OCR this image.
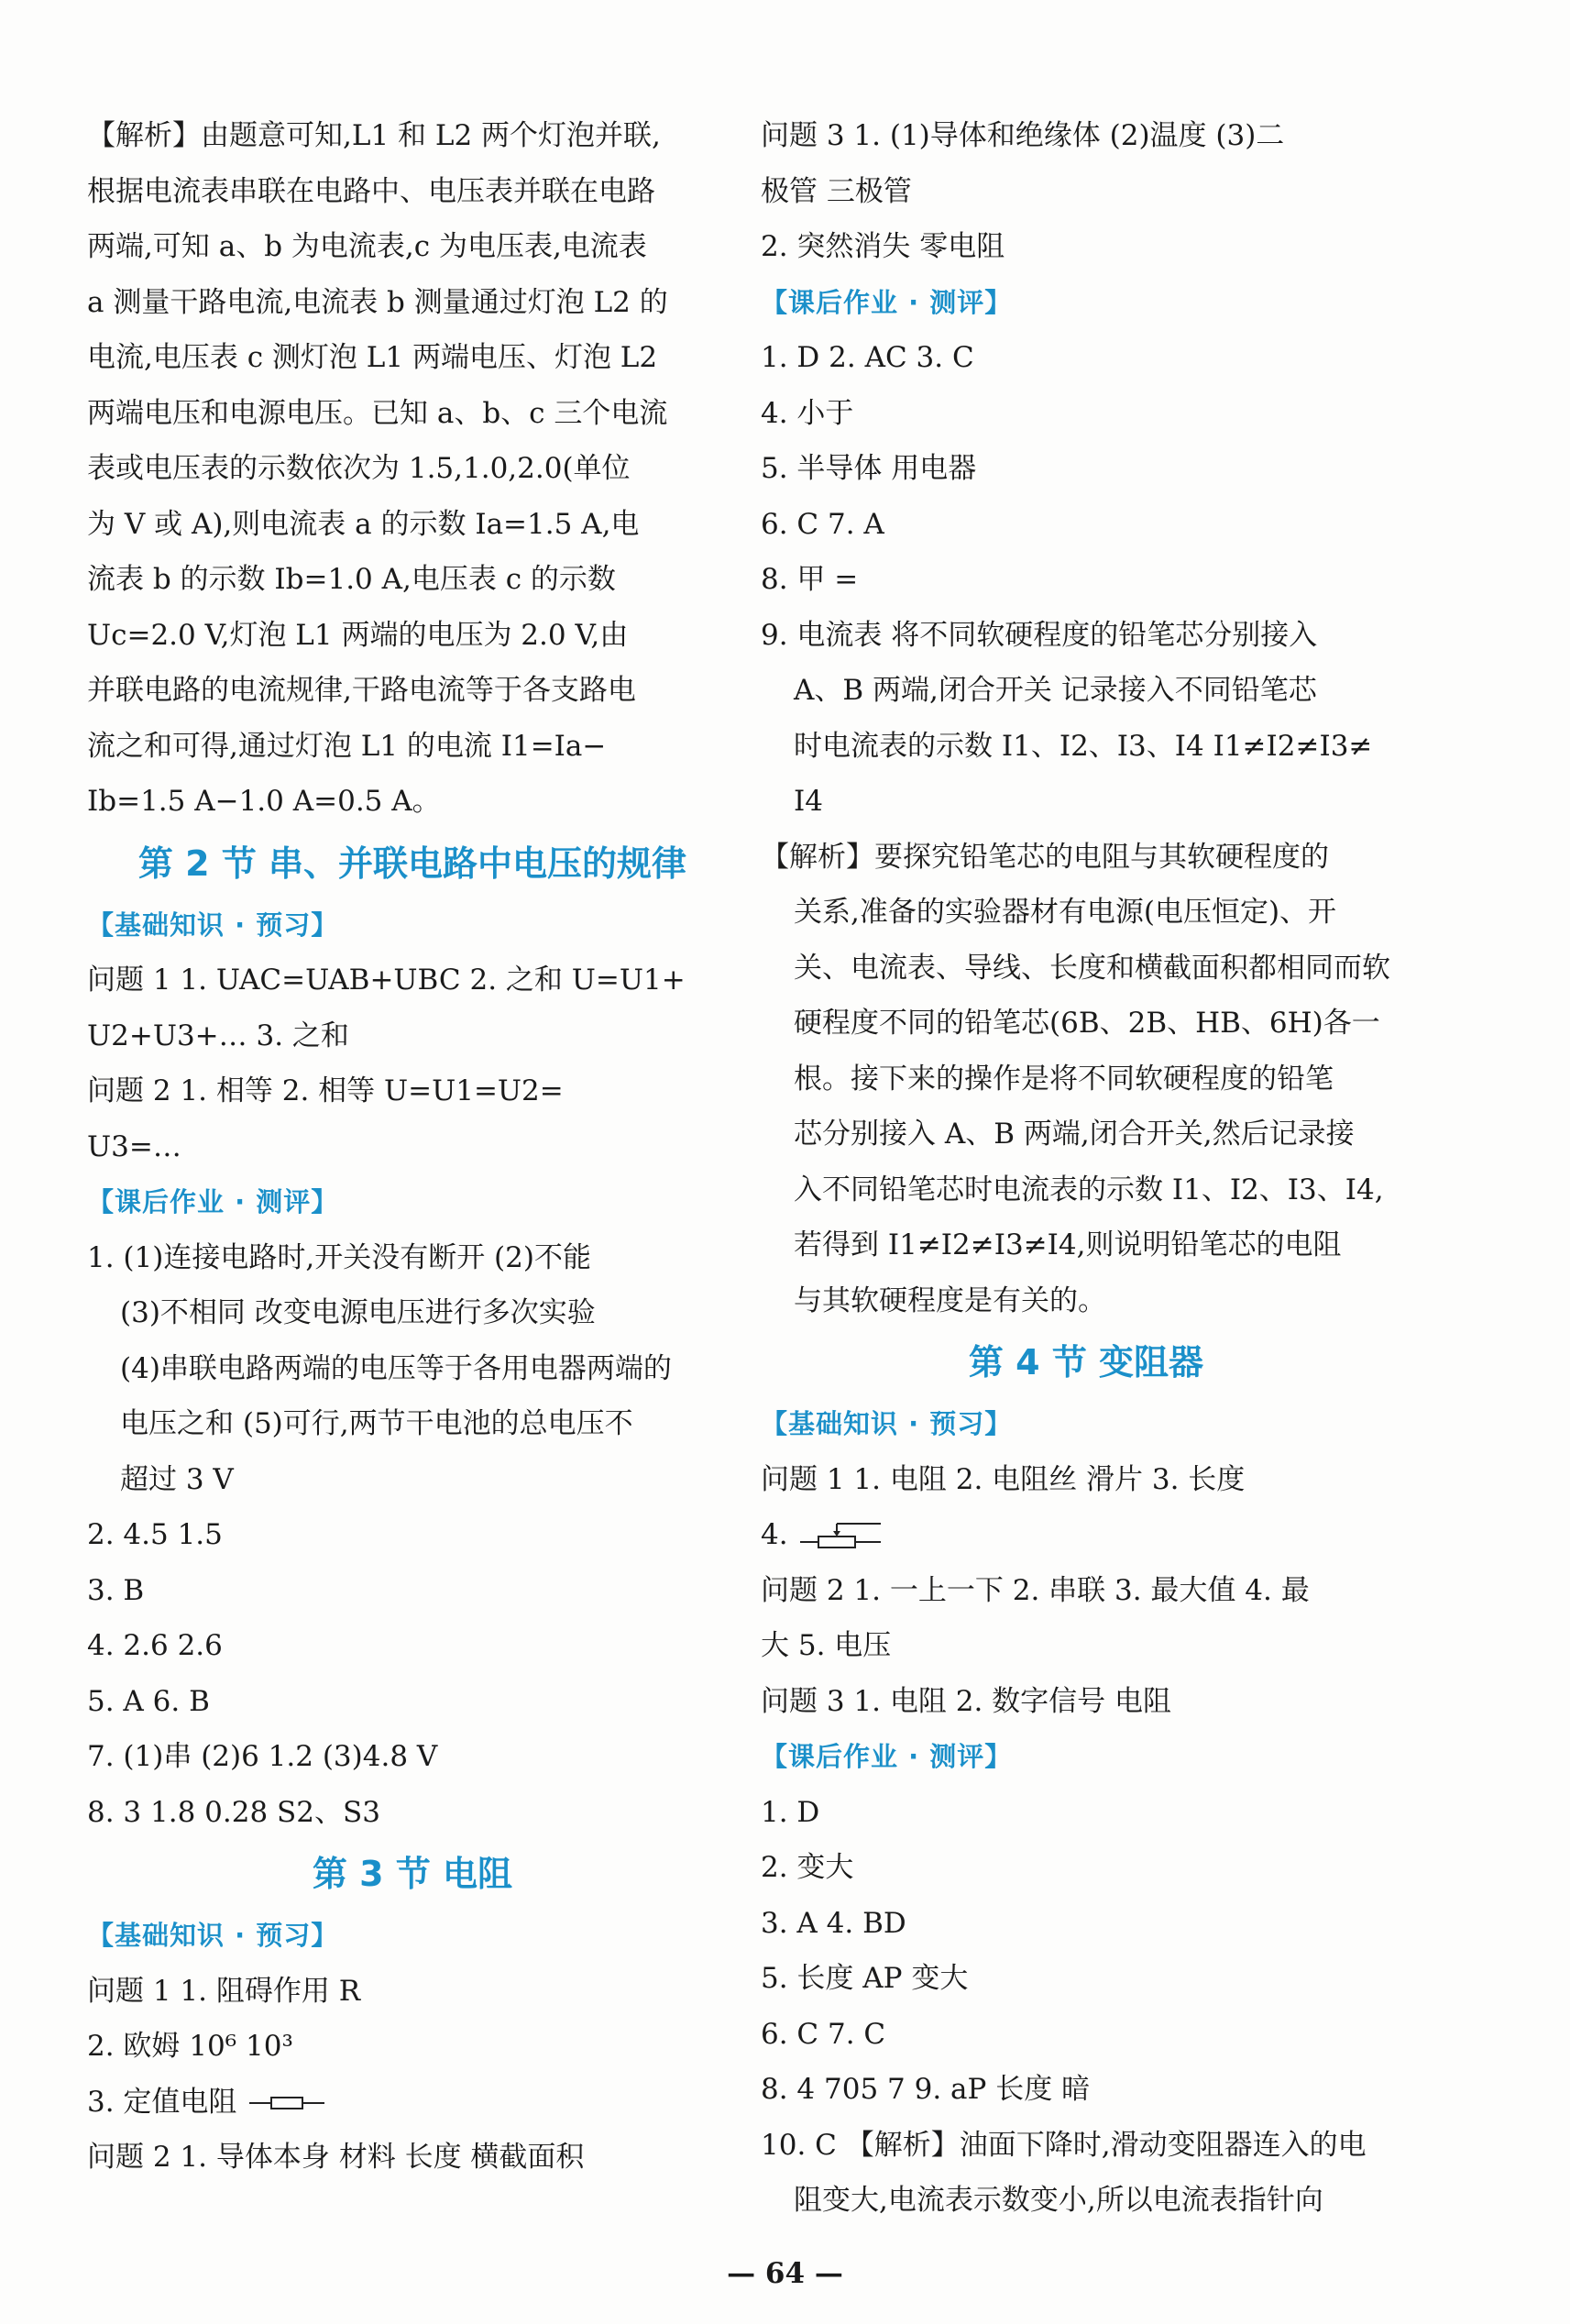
【解析】由题意可知,L1 和 L2 两个灯泡并联,
根据电流表串联在电路中、电压表并联在电路
两端,可知 a、b 为电流表,c 为电压表,电流表
a 测量干路电流,电流表 b 测量通过灯泡 L2 的
电流,电压表 c 测灯泡 L1 两端电压、灯泡 L2
两端电压和电源电压。已知 a、b、c 三个电流
表或电压表的示数依次为 1.5,1.0,2.0(单位
为 V 或 A),则电流表 a 的示数 Ia=1.5 A,电
流表 b 的示数 Ib=1.0 A,电压表 c 的示数
Uc=2.0 V,灯泡 L1 两端的电压为 2.0 V,由
并联电路的电流规律,干路电流等于各支路电
流之和可得,通过灯泡 L1 的电流 I1=Ia−
Ib=1.5 A−1.0 A=0.5 A。
第 2 节 串、并联电路中电压的规律
【基础知识 · 预习】
问题 1 1. UAC=UAB+UBC 2. 之和 U=U1+
U2+U3+… 3. 之和
问题 2 1. 相等 2. 相等 U=U1=U2=
U3=…
【课后作业 · 测评】
1. (1)连接电路时,开关没有断开 (2)不能
(3)不相同 改变电源电压进行多次实验
(4)串联电路两端的电压等于各用电器两端的
电压之和 (5)可行,两节干电池的总电压不
超过 3 V
2. 4.5 1.5
3. B
4. 2.6 2.6
5. A 6. B
7. (1)串 (2)6 1.2 (3)4.8 V
8. 3 1.8 0.28 S2、S3
第 3 节 电阻
【基础知识 · 预习】
问题 1 1. 阻碍作用 R
2. 欧姆 10⁶ 10³
3. 定值电阻
问题 2 1. 导体本身 材料 长度 横截面积
问题 3 1. (1)导体和绝缘体 (2)温度 (3)二
极管 三极管
2. 突然消失 零电阻
【课后作业 · 测评】
1. D 2. AC 3. C
4. 小于
5. 半导体 用电器
6. C 7. A
8. 甲 =
9. 电流表 将不同软硬程度的铅笔芯分别接入
A、B 两端,闭合开关 记录接入不同铅笔芯
时电流表的示数 I1、I2、I3、I4 I1≠I2≠I3≠
I4
【解析】要探究铅笔芯的电阻与其软硬程度的
关系,准备的实验器材有电源(电压恒定)、开
关、电流表、导线、长度和横截面积都相同而软
硬程度不同的铅笔芯(6B、2B、HB、6H)各一
根。接下来的操作是将不同软硬程度的铅笔
芯分别接入 A、B 两端,闭合开关,然后记录接
入不同铅笔芯时电流表的示数 I1、I2、I3、I4,
若得到 I1≠I2≠I3≠I4,则说明铅笔芯的电阻
与其软硬程度是有关的。
第 4 节 变阻器
【基础知识 · 预习】
问题 1 1. 电阻 2. 电阻丝 滑片 3. 长度
4.
问题 2 1. 一上一下 2. 串联 3. 最大值 4. 最
大 5. 电压
问题 3 1. 电阻 2. 数字信号 电阻
【课后作业 · 测评】
1. D
2. 变大
3. A 4. BD
5. 长度 AP 变大
6. C 7. C
8. 4 705 7 9. aP 长度 暗
10. C 【解析】油面下降时,滑动变阻器连入的电
阻变大,电流表示数变小,所以电流表指针向
— 64 —
